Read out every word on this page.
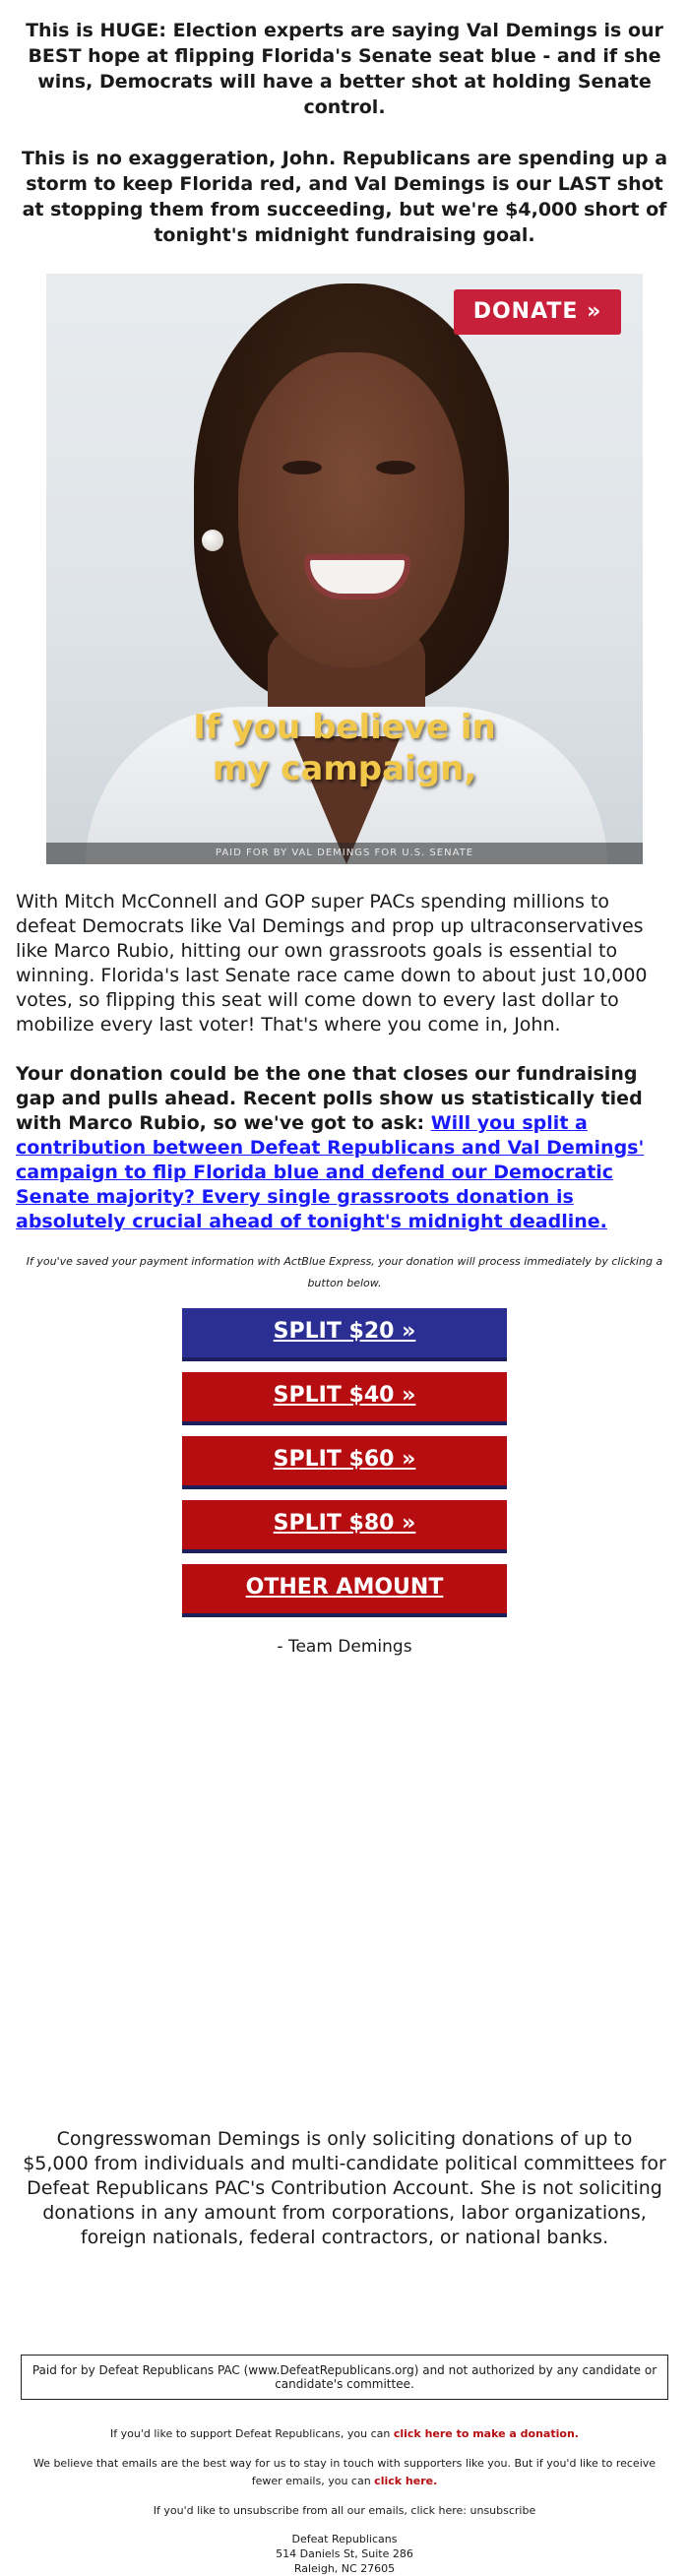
This is HUGE: Election experts are saying Val Demings is our BEST hope at flipping Florida's Senate seat blue - and if she wins, Democrats will have a better shot at holding Senate control.

This is no exaggeration, John. Republicans are spending up a storm to keep Florida red, and Val Demings is our LAST shot at stopping them from succeeding, but we're $4,000 short of tonight's midnight fundraising goal.

DONATE »
If you believe in
my campaign,
PAID FOR BY VAL DEMINGS FOR U.S. SENATE

With Mitch McConnell and GOP super PACs spending millions to defeat Democrats like Val Demings and prop up ultraconservatives like Marco Rubio, hitting our own grassroots goals is essential to winning. Florida's last Senate race came down to about just 10,000 votes, so flipping this seat will come down to every last dollar to mobilize every last voter! That's where you come in, John.

Your donation could be the one that closes our fundraising gap and pulls ahead. Recent polls show us statistically tied with Marco Rubio, so we've got to ask: Will you split a contribution between Defeat Republicans and Val Demings' campaign to flip Florida blue and defend our Democratic Senate majority? Every single grassroots donation is absolutely crucial ahead of tonight's midnight deadline.

If you've saved your payment information with ActBlue Express, your donation will process immediately by clicking a button below.
SPLIT $20 »
SPLIT $40 »
SPLIT $60 »
SPLIT $80 »
OTHER AMOUNT
- Team Demings
Congresswoman Demings is only soliciting donations of up to $5,000 from individuals and multi-candidate political committees for Defeat Republicans PAC's Contribution Account. She is not soliciting donations in any amount from corporations, labor organizations, foreign nationals, federal contractors, or national banks.
Paid for by Defeat Republicans PAC (www.DefeatRepublicans.org) and not authorized by any candidate or candidate's committee.

If you'd like to support Defeat Republicans, you can click here to make a donation.

We believe that emails are the best way for us to stay in touch with supporters like you. But if you'd like to receive fewer emails, you can click here.

If you'd like to unsubscribe from all our emails, click here: unsubscribe

Defeat Republicans

514 Daniels St, Suite 286

Raleigh, NC 27605
